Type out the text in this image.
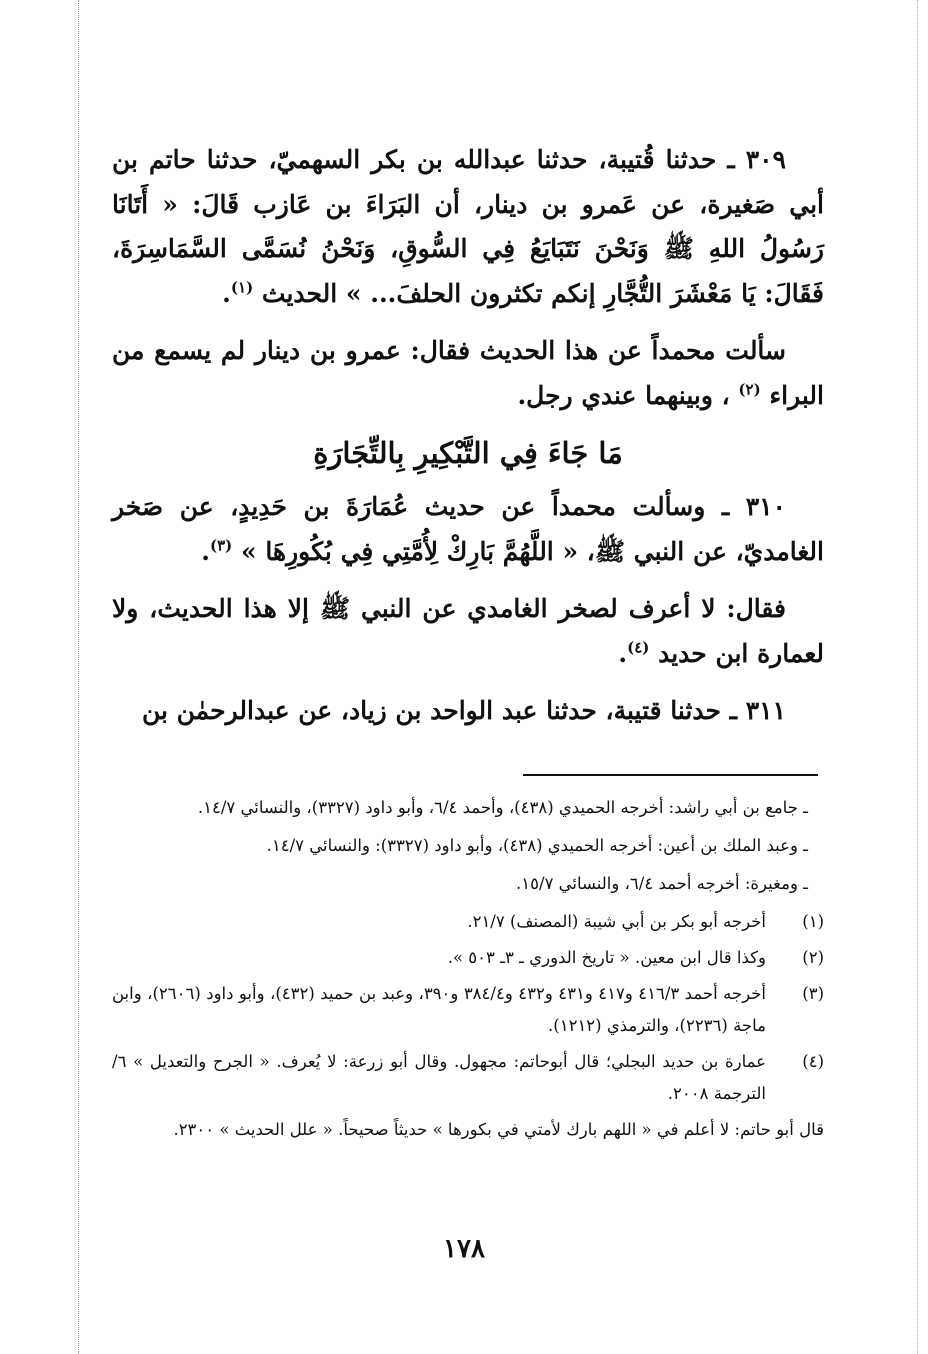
٣٠٩ ـ حدثنا قُتيبة، حدثنا عبدالله بن بكر السهميّ، حدثنا حاتم بن أبي صَغيرة، عن عَمرو بن دينار، أن البَرَاءَ بن عَازب قَالَ: « أَتَانَا رَسُولُ اللهِ ﷺ وَنَحْنَ نَتَبَايَعُ فِي السُّوقِ، وَنَحْنُ نُسَمَّى السَّمَاسِرَةَ، فَقَالَ: يَا مَعْشَرَ التُّجَّارِ إنكم تكثرون الحلفَ... » الحديث $^{(١)}$.

سألت محمداً عن هذا الحديث فقال: عمرو بن دينار لم يسمع من البراء $^{(٢)}$ ، وبينهما عندي رجل.

مَا جَاءَ فِي التَّبْكِيرِ بِالتِّجَارَةِ

٣١٠ ـ وسألت محمداً عن حديث عُمَارَةَ بن حَدِيدٍ، عن صَخر الغامديّ، عن النبي ﷺ، « اللَّهُمَّ بَارِكْ لِأُمَّتِي فِي بُكُورِهَا » $^{(٣)}$.

فقال: لا أعرف لصخر الغامدي عن النبي ﷺ إلا هذا الحديث، ولا لعمارة ابن حديد $^{(٤)}$.

٣١١ ـ حدثنا قتيبة، حدثنا عبد الواحد بن زياد، عن عبدالرحمٰن بن

ـ جامع بن أبي راشد: أخرجه الحميدي (٤٣٨)، وأحمد ٦/٤، وأبو داود (٣٣٢٧)، والنسائي ١٤/٧.

ـ وعبد الملك بن أعين: أخرجه الحميدي (٤٣٨)، وأبو داود (٣٣٢٧): والنسائي ١٤/٧.

ـ ومغيرة: أخرجه أحمد ٦/٤، والنسائي ١٥/٧.

(١)
أخرجه أبو بكر بن أبي شيبة (المصنف) ٢١/٧.
(٢)
وكذا قال ابن معين. « تاريخ الدوري ـ ٣ـ ٥٠٣ ».
(٣)
أخرجه أحمد ٤١٦/٣ و٤١٧ و٤٣١ و٤٣٢ و٣٨٤/٤ و٣٩٠، وعبد بن حميد (٤٣٢)، وأبو داود (٢٦٠٦)، وابن ماجة (٢٢٣٦)، والترمذي (١٢١٢).
(٤)
عمارة بن حديد البجلي؛ قال أبوحاتم: مجهول. وقال أبو زرعة: لا يُعرف. « الجرح والتعديل » ٦/ الترجمة ٢٠٠٨.

قال أبو حاتم: لا أعلم في « اللهم بارك لأمتي في بكورها » حديثاً صحيحاً. « علل الحديث » ٢٣٠٠.

١٧٨
